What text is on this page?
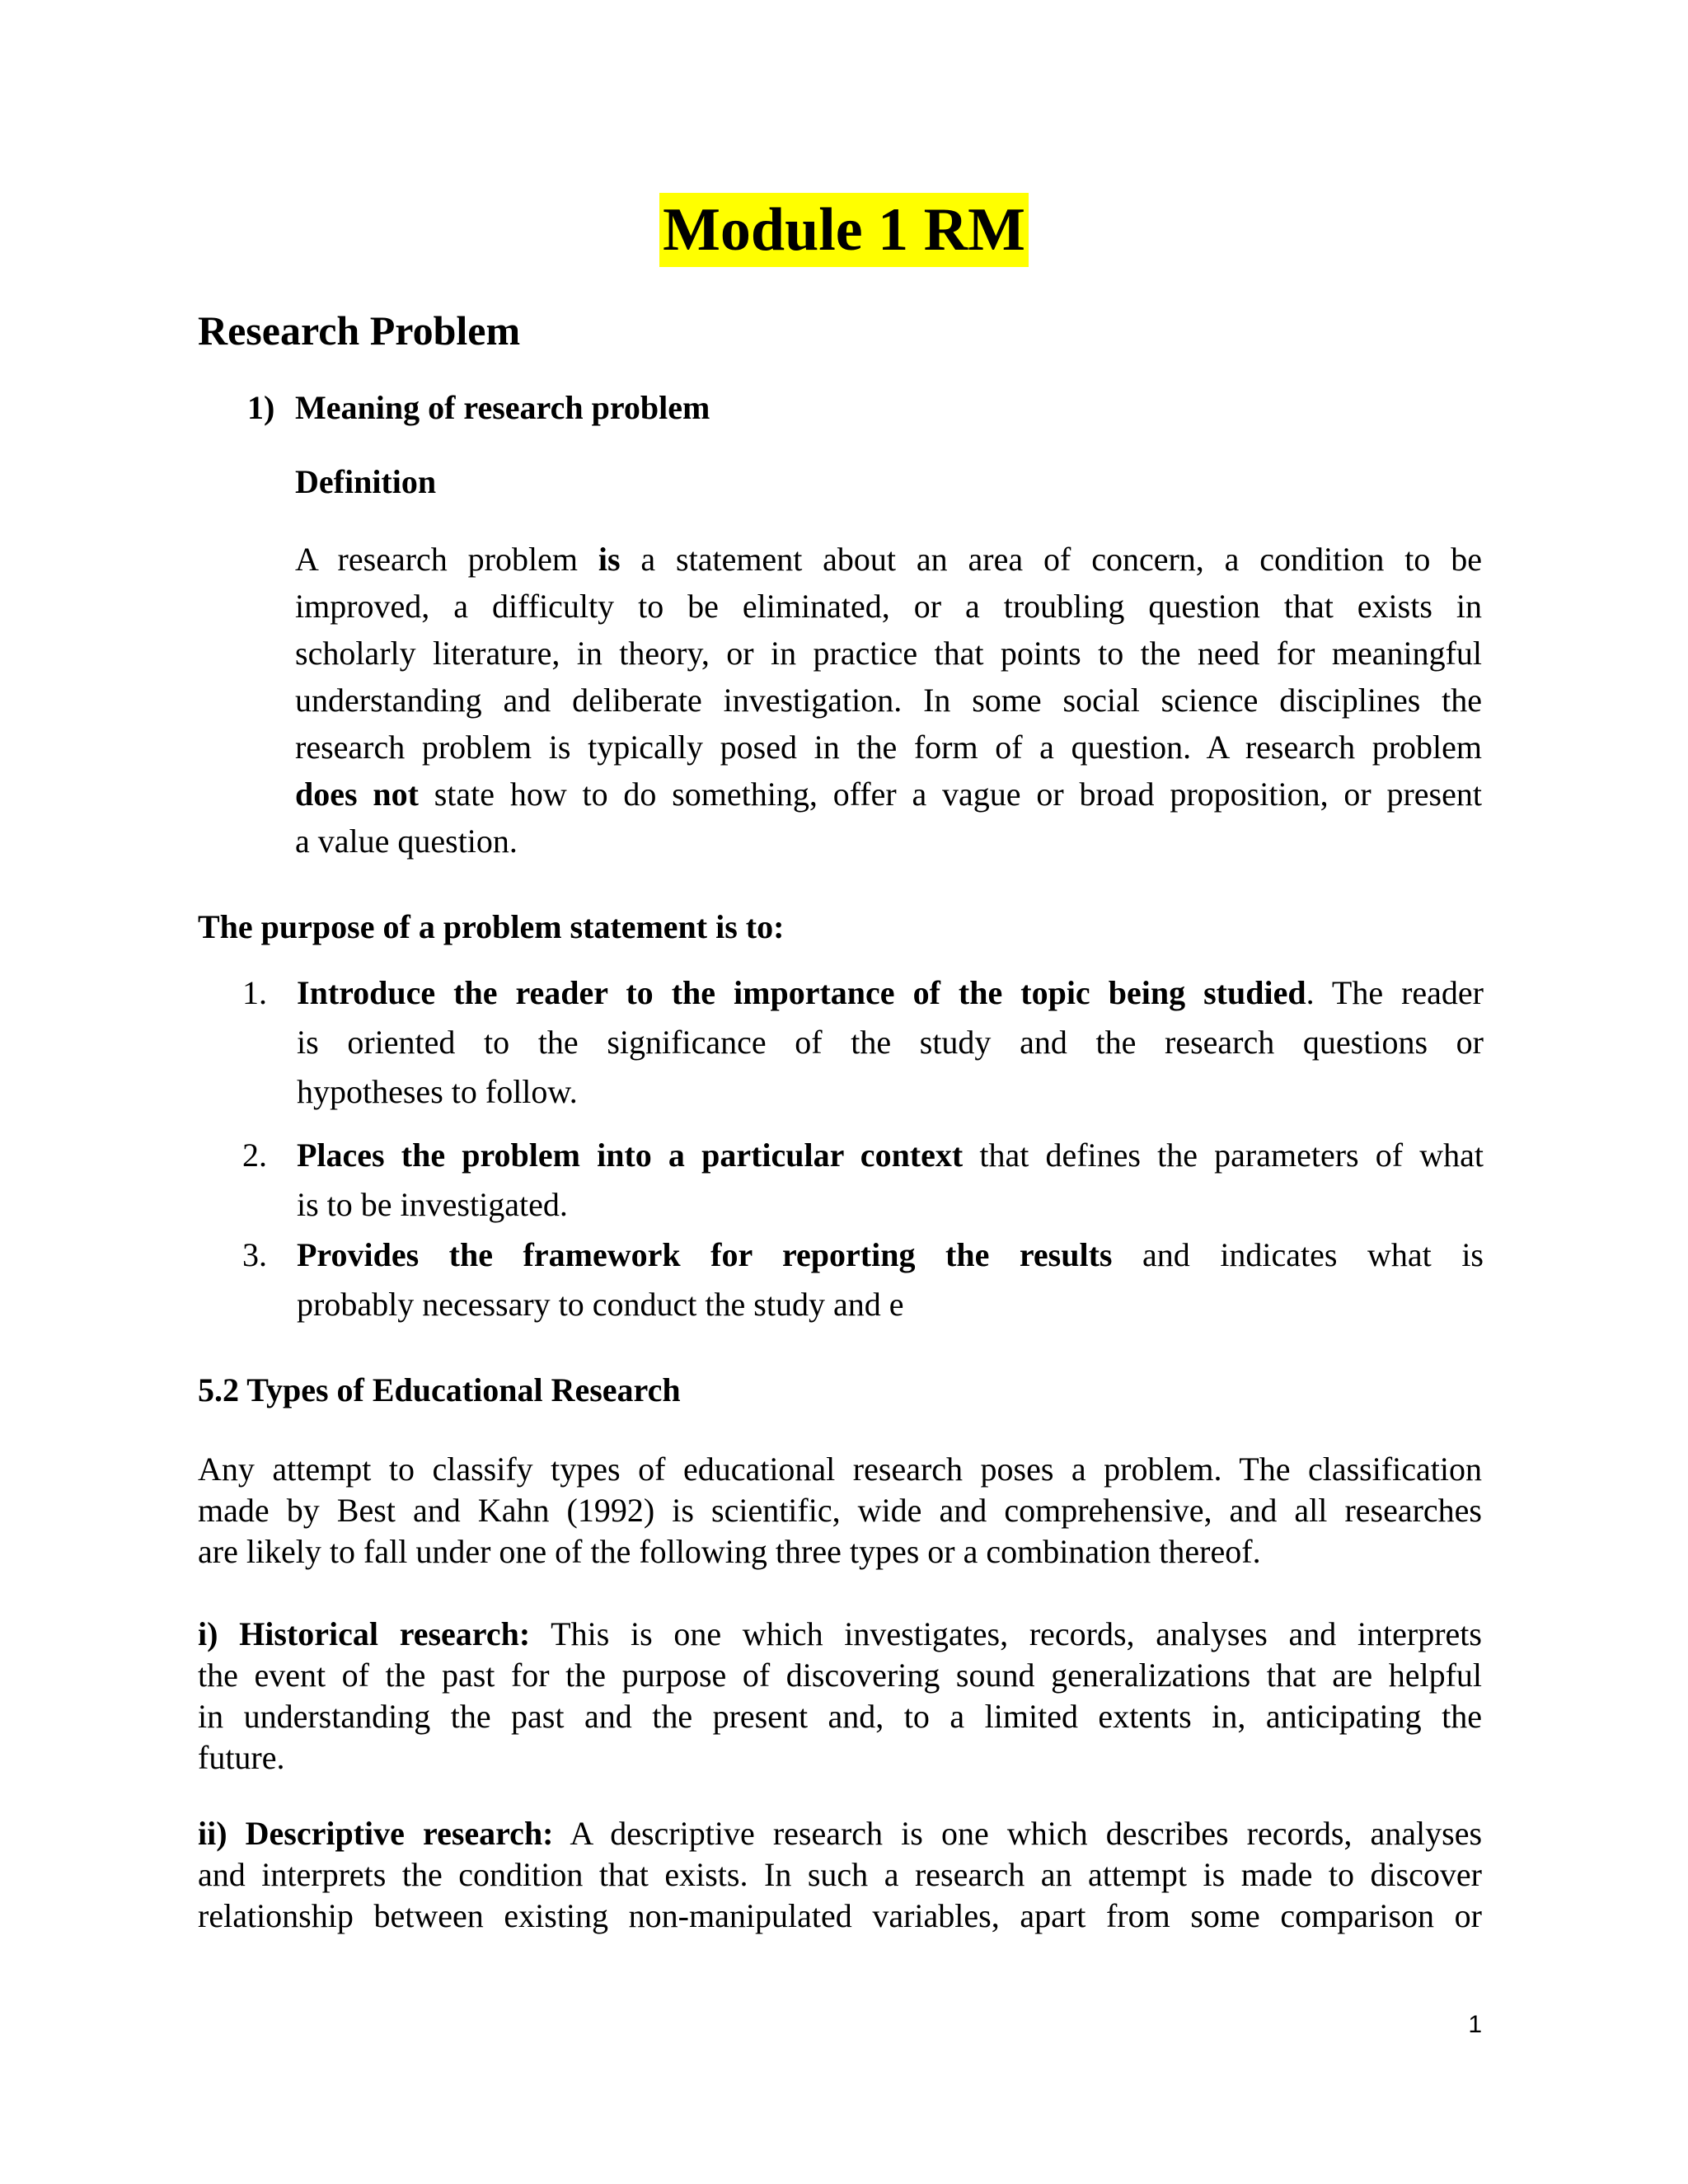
Module 1 RM
Research Problem
1) Meaning of research problem
Definition
A research problem is a statement about an area of concern, a condition to be
improved, a difficulty to be eliminated, or a troubling question that exists in
scholarly literature, in theory, or in practice that points to the need for meaningful
understanding and deliberate investigation. In some social science disciplines the
research problem is typically posed in the form of a question. A research problem
does not state how to do something, offer a vague or broad proposition, or present
a value question.
The purpose of a problem statement is to:
1. Introduce the reader to the importance of the topic being studied. The reader
is oriented to the significance of the study and the research questions or
hypotheses to follow.
2. Places the problem into a particular context that defines the parameters of what
is to be investigated.
3. Provides the framework for reporting the results and indicates what is
probably necessary to conduct the study and e
5.2 Types of Educational Research
Any attempt to classify types of educational research poses a problem. The classification
made by Best and Kahn (1992) is scientific, wide and comprehensive, and all researches
are likely to fall under one of the following three types or a combination thereof.
i) Historical research: This is one which investigates, records, analyses and interprets
the event of the past for the purpose of discovering sound generalizations that are helpful
in understanding the past and the present and, to a limited extents in, anticipating the
future.
ii) Descriptive research: A descriptive research is one which describes records, analyses
and interprets the condition that exists. In such a research an attempt is made to discover
relationship between existing non-manipulated variables, apart from some comparison or
1
